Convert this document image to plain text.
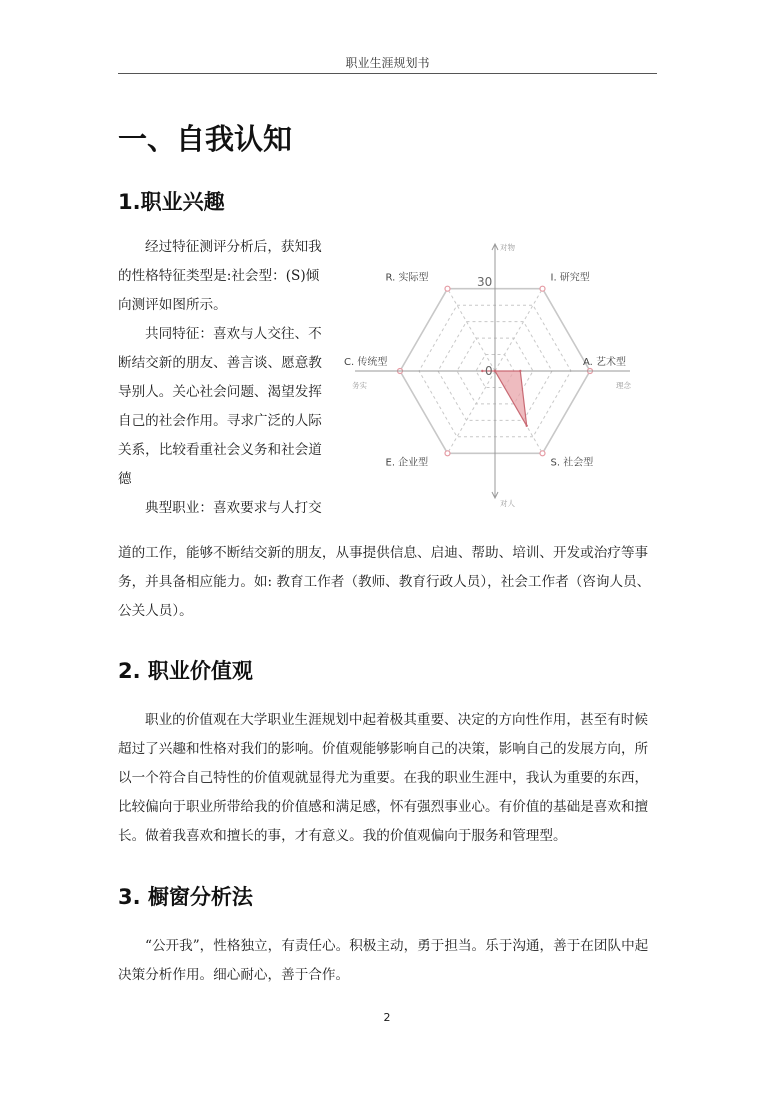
职业生涯规划书
一、自我认知
1.职业兴趣

经过特征测评分析后，获知我的性格特征类型是:社会型：(S)倾向测评如图所示。

共同特征：喜欢与人交往、不断结交新的朋友、善言谈、愿意教导别人。关心社会问题、渴望发挥自己的社会作用。寻求广泛的人际关系，比较看重社会义务和社会道德

典型职业：喜欢要求与人打交

道的工作，能够不断结交新的朋友，从事提供信息、启迪、帮助、培训、开发或治疗等事务，并具备相应能力。如: 教育工作者（教师、教育行政人员），社会工作者（咨询人员、公关人员）。
30
0
R. 实际型	I. 研究型
A. 艺术型
S. 社会型
E. 企业型
C. 传统型
对物
对人
务实	理念
2. 职业价值观
职业的价值观在大学职业生涯规划中起着极其重要、决定的方向性作用，甚至有时候超过了兴趣和性格对我们的影响。价值观能够影响自己的决策，影响自己的发展方向，所以一个符合自己特性的价值观就显得尤为重要。在我的职业生涯中，我认为重要的东西，比较偏向于职业所带给我的价值感和满足感，怀有强烈事业心。有价值的基础是喜欢和擅长。做着我喜欢和擅长的事，才有意义。我的价值观偏向于服务和管理型。
3. 橱窗分析法
“公开我”，性格独立，有责任心。积极主动，勇于担当。乐于沟通，善于在团队中起决策分析作用。细心耐心，善于合作。
2
